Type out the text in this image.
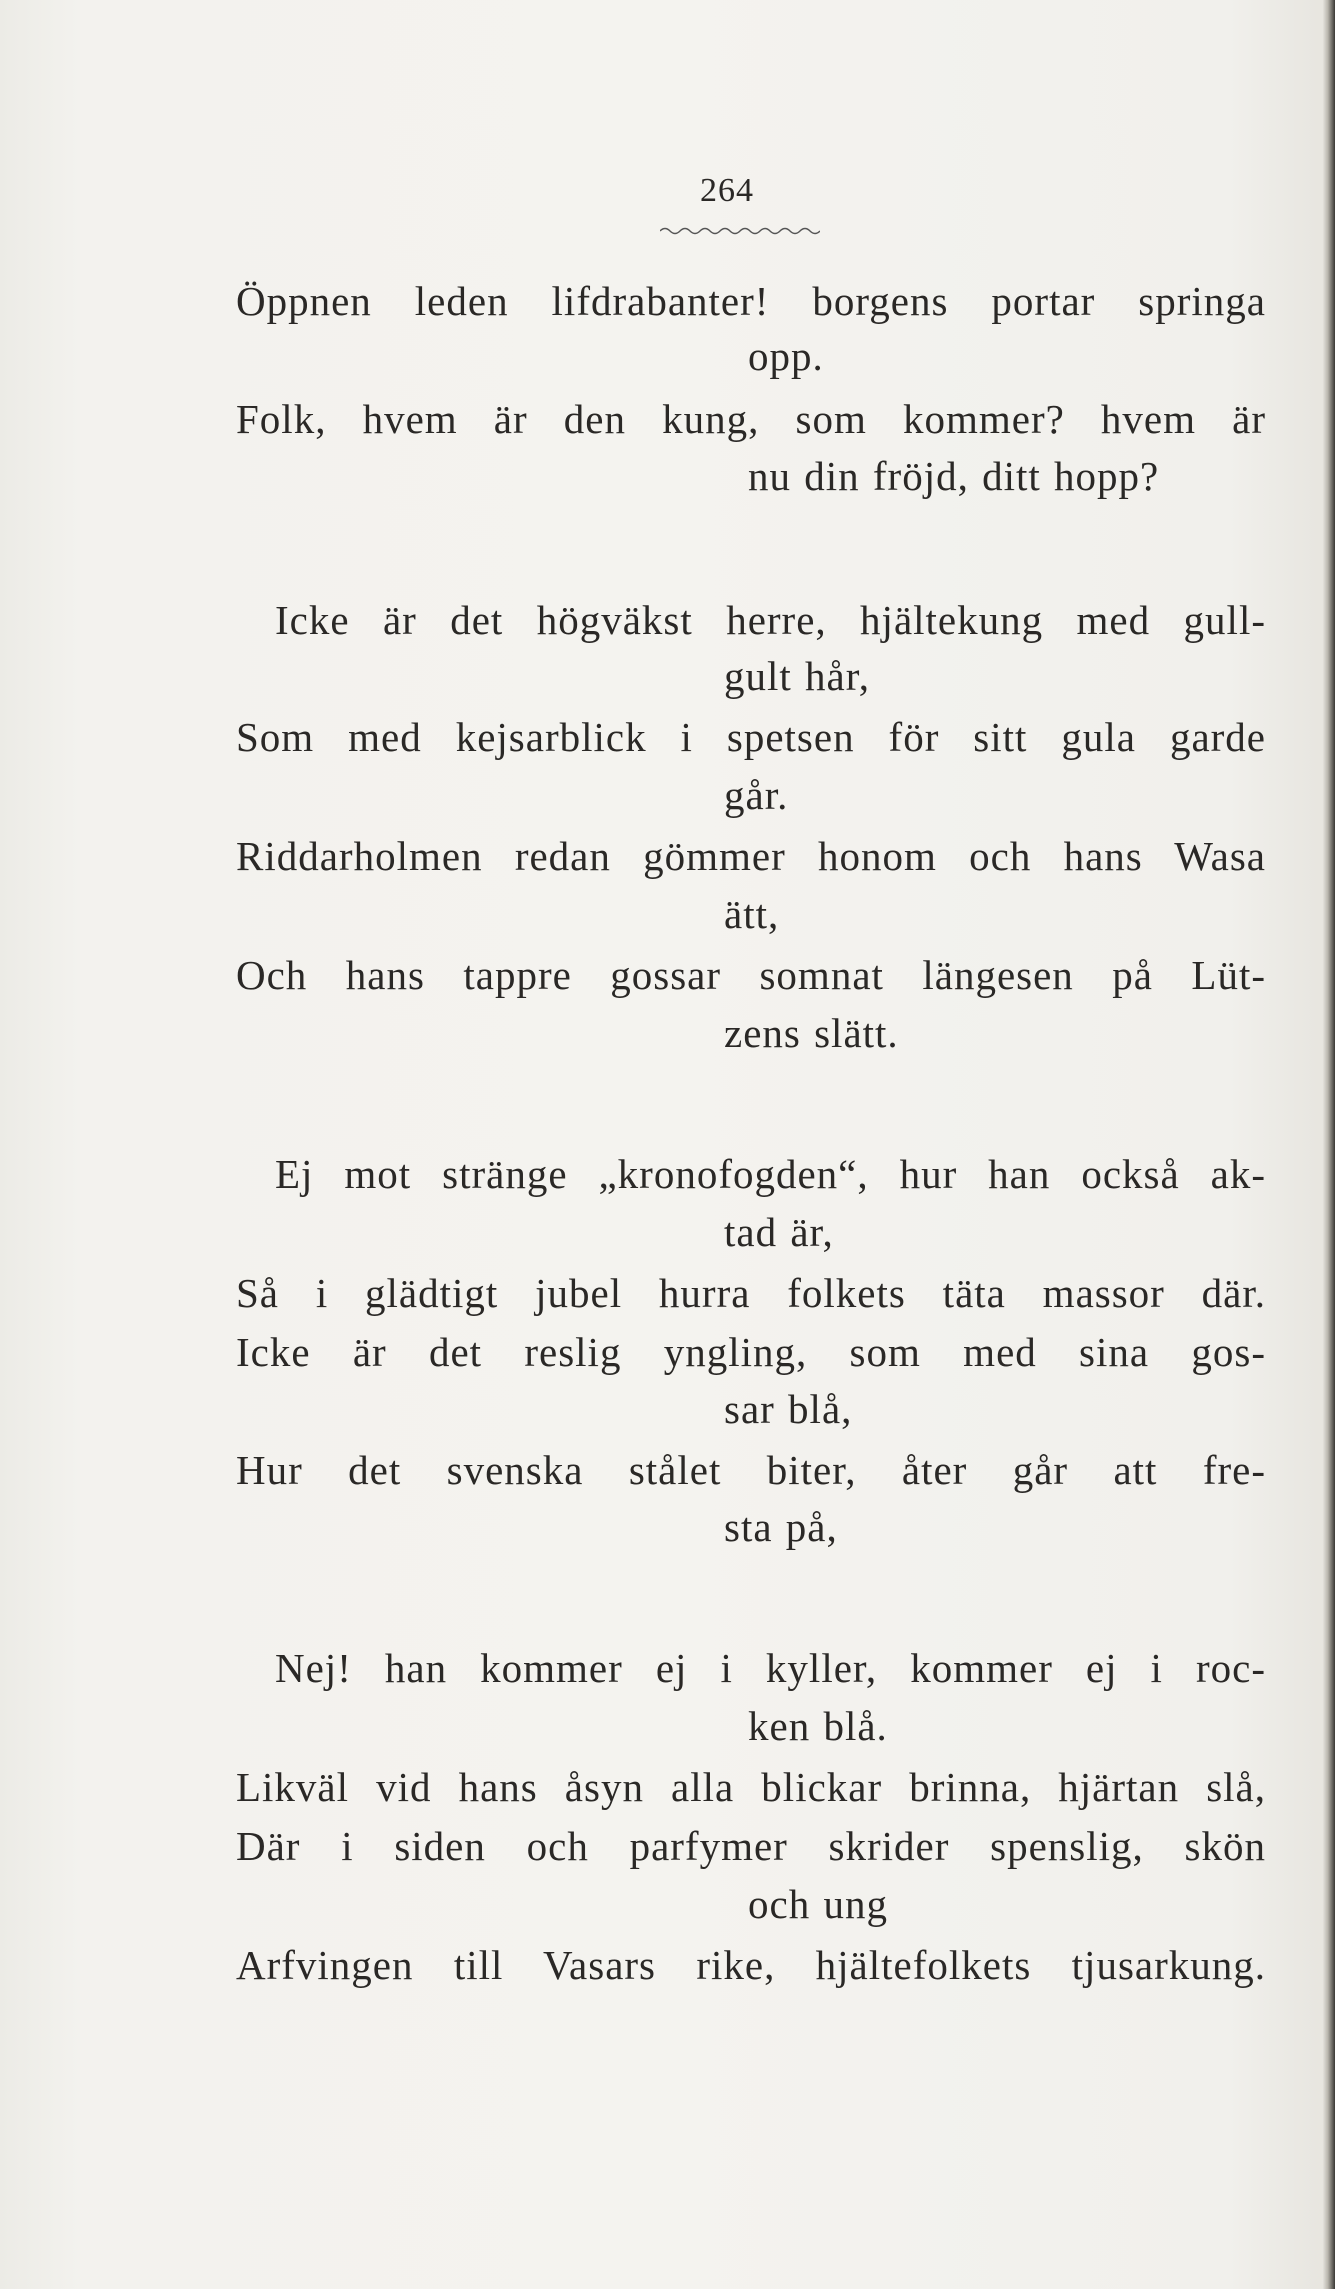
264
Öppnen leden lifdrabanter! borgens portar springa
opp.
Folk, hvem är den kung, som kommer? hvem är
nu din fröjd, ditt hopp?
Icke är det högväkst herre, hjältekung med gull-
gult hår,
Som med kejsarblick i spetsen för sitt gula garde
går.
Riddarholmen redan gömmer honom och hans Wasa
ätt,
Och hans tappre gossar somnat längesen på Lüt-
zens slätt.
Ej mot stränge „kronofogden“, hur han också ak-
tad är,
Så i glädtigt jubel hurra folkets täta massor där.
Icke är det reslig yngling, som med sina gos-
sar blå,
Hur det svenska stålet biter, åter går att fre-
sta på,
Nej! han kommer ej i kyller, kommer ej i roc-
ken blå.
Likväl vid hans åsyn alla blickar brinna, hjärtan slå,
Där i siden och parfymer skrider spenslig, skön
och ung
Arfvingen till Vasars rike, hjältefolkets tjusarkung.
